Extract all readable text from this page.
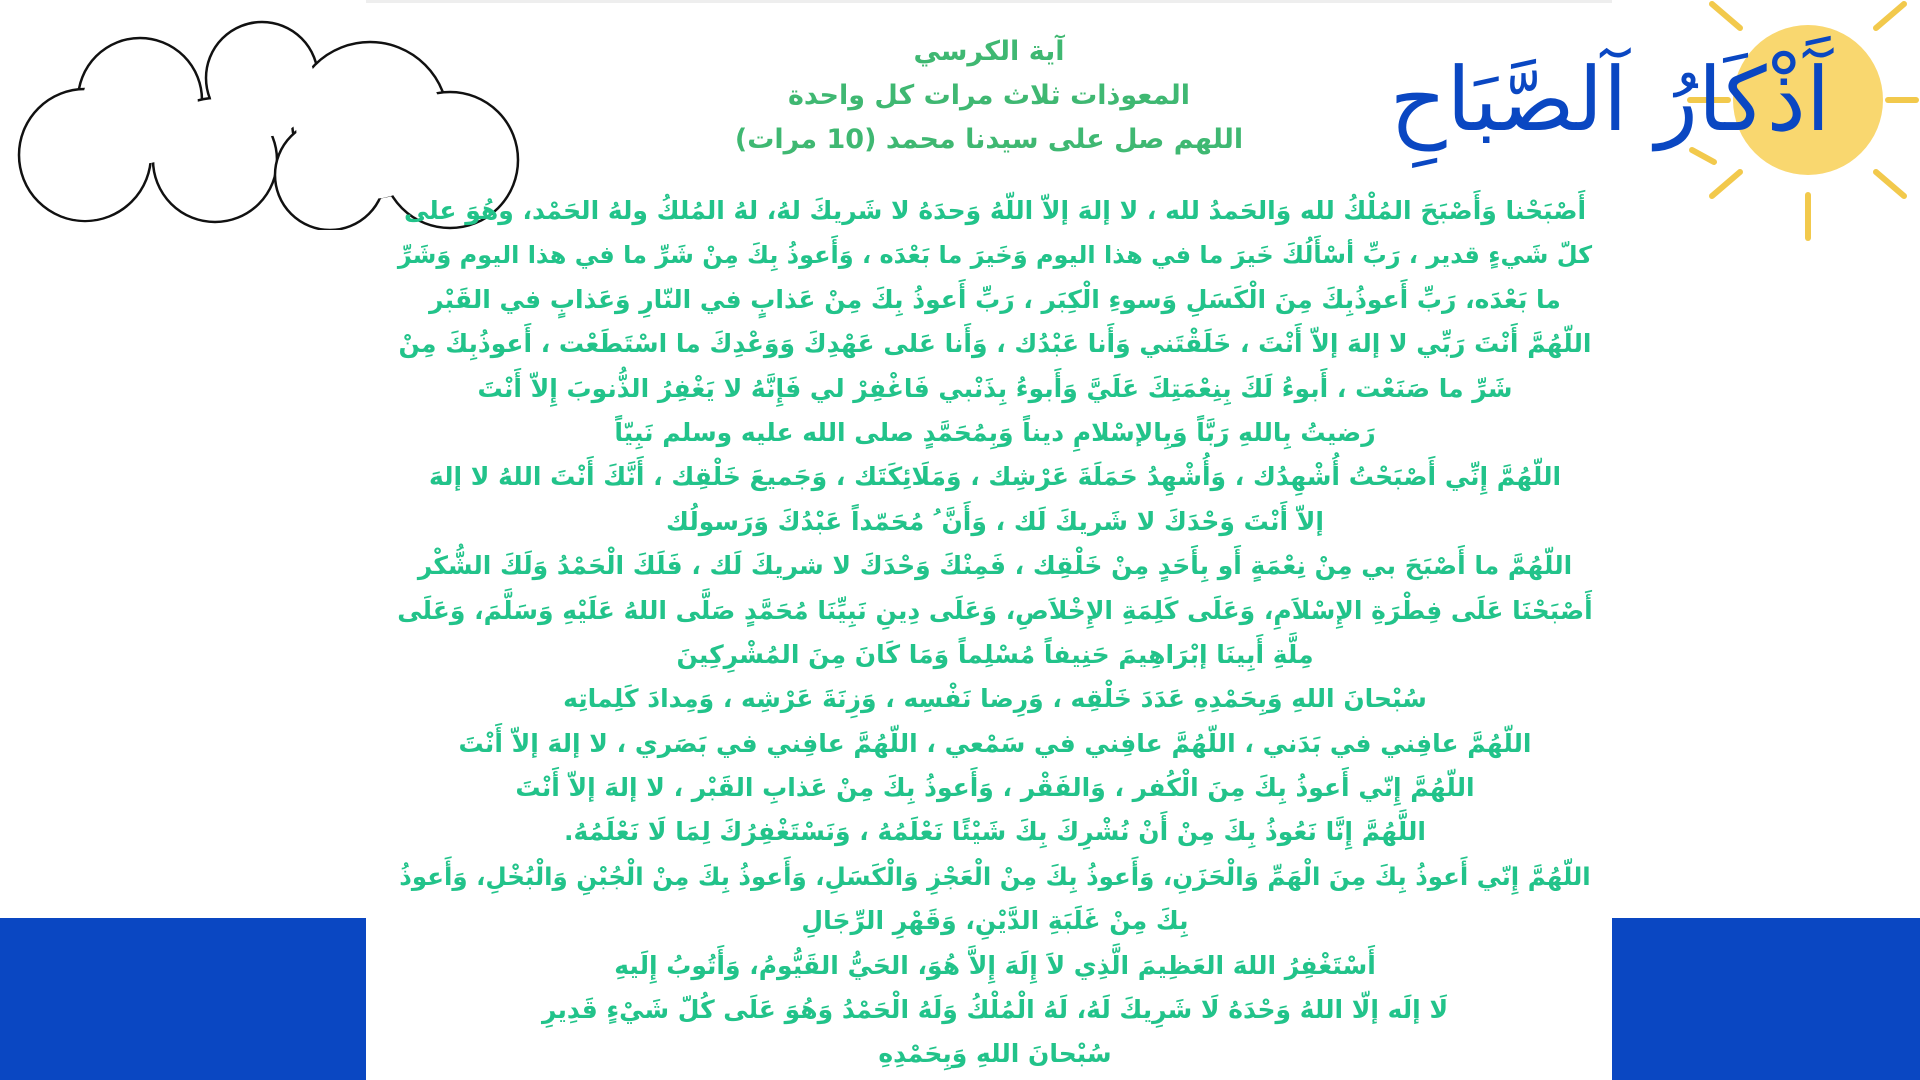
آَذْكَارُ آلصَّبَاحِ
آية الكرسي
المعوذات ثلاث مرات كل واحدة
اللهم صل على سيدنا محمد (10 مرات)
أَصْبَحْنا وَأَصْبَحَ المُلْكُ لله وَالحَمدُ لله ، لا إلهَ إلاّ اللّهُ وَحدَهُ لا شَريكَ لهُ، لهُ المُلكُ ولهُ الحَمْد، وهُوَ على
كلّ شَيءٍ قدير ، رَبِّ أسْأَلُكَ خَيرَ ما في هذا اليوم وَخَيرَ ما بَعْدَه ، وَأَعوذُ بِكَ مِنْ شَرِّ ما في هذا اليوم وَشَرِّ
ما بَعْدَه، رَبِّ أَعوذُبِكَ مِنَ الْكَسَلِ وَسوءِ الْكِبَر ، رَبِّ أَعوذُ بِكَ مِنْ عَذابٍ في النّارِ وَعَذابٍ في القَبْر
اللّهُمَّ أَنْتَ رَبِّي لا إلهَ إلاّ أَنْتَ ، خَلَقْتَني وَأَنا عَبْدُك ، وَأَنا عَلى عَهْدِكَ وَوَعْدِكَ ما اسْتَطَعْت ، أَعوذُبِكَ مِنْ
شَرِّ ما صَنَعْت ، أَبوءُ لَكَ بِنِعْمَتِكَ عَلَيَّ وَأَبوءُ بِذَنْبي فَاغْفِرْ لي فَإِنَّهُ لا يَغْفِرُ الذُّنوبَ إِلاّ أَنْتَ
رَضيتُ بِاللهِ رَبَّاً وَبِالإسْلامِ ديناً وَبِمُحَمَّدٍ صلى الله عليه وسلم نَبِيّاً
اللّهُمَّ إِنِّي أَصْبَحْتُ أُشْهِدُك ، وَأُشْهِدُ حَمَلَةَ عَرْشِك ، وَمَلَائِكَتَك ، وَجَميعَ خَلْقِك ، أَنَّكَ أَنْتَ اللهُ لا إلهَ
إلاّ أَنْتَ وَحْدَكَ لا شَريكَ لَك ، وَأَنَّ ُ مُحَمّداً عَبْدُكَ وَرَسولُك
اللّهُمَّ ما أَصْبَحَ بي مِنْ نِعْمَةٍ أَو بِأَحَدٍ مِنْ خَلْقِك ، فَمِنْكَ وَحْدَكَ لا شريكَ لَك ، فَلَكَ الْحَمْدُ وَلَكَ الشُّكْر
أَصْبَحْنَا عَلَى فِطْرَةِ الإِسْلاَمِ، وَعَلَى كَلِمَةِ الإِخْلاَصِ، وَعَلَى دِينِ نَبِيِّنَا مُحَمَّدٍ صَلَّى اللهُ عَلَيْهِ وَسَلَّمَ، وَعَلَى
مِلَّةِ أَبِينَا إبْرَاهِيمَ حَنِيفاً مُسْلِماً وَمَا كَانَ مِنَ المُشْرِكِينَ
سُبْحانَ اللهِ وَبِحَمْدِهِ عَدَدَ خَلْقِه ، وَرِضا نَفْسِه ، وَزِنَةَ عَرْشِه ، وَمِدادَ كَلِماتِه
اللّهُمَّ عافِني في بَدَني ، اللّهُمَّ عافِني في سَمْعي ، اللّهُمَّ عافِني في بَصَري ، لا إلهَ إلاّ أَنْتَ
اللّهُمَّ إِنّي أَعوذُ بِكَ مِنَ الْكُفر ، وَالفَقْر ، وَأَعوذُ بِكَ مِنْ عَذابِ القَبْر ، لا إلهَ إلاّ أَنْتَ
اللَّهُمَّ إِنَّا نَعُوذُ بِكَ مِنْ أَنْ نُشْرِكَ بِكَ شَيْئًا نَعْلَمُهُ ، وَنَسْتَغْفِرُكَ لِمَا لَا نَعْلَمُهُ.
اللّهُمَّ إِنّي أَعوذُ بِكَ مِنَ الْهَمِّ وَالْحَزَنِ، وَأَعوذُ بِكَ مِنْ الْعَجْزِ وَالْكَسَلِ، وَأَعوذُ بِكَ مِنْ الْجُبْنِ وَالْبُخْلِ، وَأَعوذُ
بِكَ مِنْ غَلَبَةِ الدَّيْنِ، وَقَهْرِ الرِّجَالِ
أَسْتَغْفِرُ اللهَ العَظِيمَ الَّذِي لاَ إِلَهَ إِلاَّ هُوَ، الحَيُّ القَيُّومُ، وَأَتُوبُ إِلَيهِ
لَا إلَه إلّا اللهُ وَحْدَهُ لَا شَرِيكَ لَهُ، لَهُ الْمُلْكُ وَلَهُ الْحَمْدُ وَهُوَ عَلَى كُلّ شَيْءٍ قَدِيرِ
سُبْحانَ اللهِ وَبِحَمْدِهِ
